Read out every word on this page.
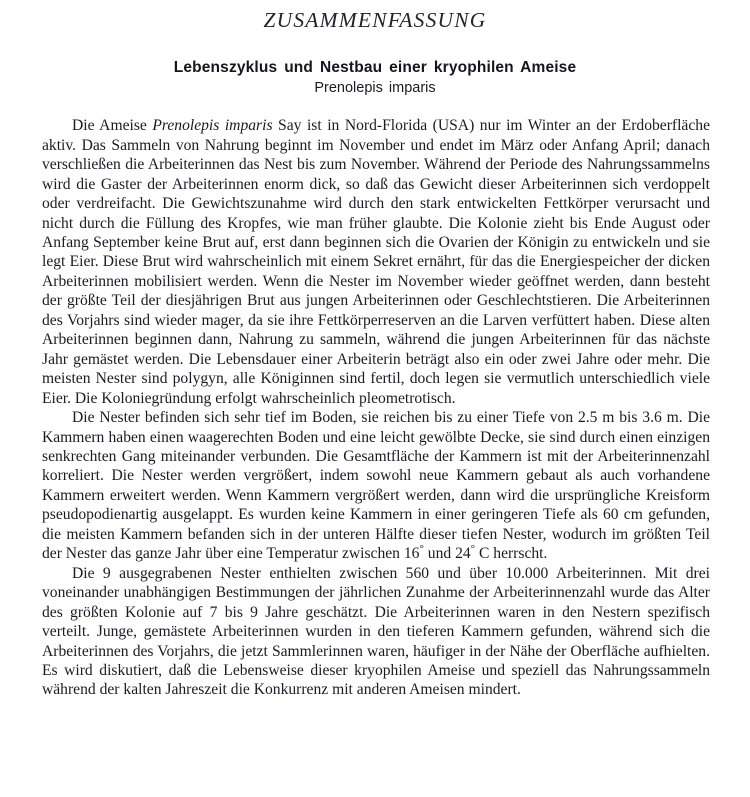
ZUSAMMENFASSUNG
Lebenszyklus und Nestbau einer kryophilen Ameise
Prenolepis imparis

Die Ameise Prenolepis imparis Say ist in Nord-Florida (USA) nur im Winter an der Erdoberfläche aktiv. Das Sammeln von Nahrung beginnt im November und endet im März oder Anfang April; danach verschließen die Arbeiterinnen das Nest bis zum November. Während der Periode des Nahrungssammelns wird die Gaster der Arbeiterinnen enorm dick, so daß das Gewicht dieser Arbeiterinnen sich verdoppelt oder verdreifacht. Die Gewichtszunahme wird durch den stark entwickelten Fettkörper verursacht und nicht durch die Füllung des Kropfes, wie man früher glaubte. Die Kolonie zieht bis Ende August oder Anfang September keine Brut auf, erst dann beginnen sich die Ovarien der Königin zu entwickeln und sie legt Eier. Diese Brut wird wahrscheinlich mit einem Sekret ernährt, für das die Energiespeicher der dicken Arbeiterinnen mobilisiert werden. Wenn die Nester im November wieder geöffnet werden, dann besteht der größte Teil der diesjährigen Brut aus jungen Arbeiterinnen oder Geschlechtstieren. Die Arbeiterinnen des Vorjahrs sind wieder mager, da sie ihre Fettkörperreserven an die Larven verfüttert haben. Diese alten Arbeiterinnen beginnen dann, Nahrung zu sammeln, während die jungen Arbeiterinnen für das nächste Jahr gemästet werden. Die Lebensdauer einer Arbeiterin beträgt also ein oder zwei Jahre oder mehr. Die meisten Nester sind polygyn, alle Königinnen sind fertil, doch legen sie vermutlich unterschiedlich viele Eier. Die Koloniegründung erfolgt wahrscheinlich pleometrotisch.

Die Nester befinden sich sehr tief im Boden, sie reichen bis zu einer Tiefe von 2.5 m bis 3.6 m. Die Kammern haben einen waagerechten Boden und eine leicht gewölbte Decke, sie sind durch einen einzigen senkrechten Gang miteinander verbunden. Die Gesamtfläche der Kammern ist mit der Arbeiterinnenzahl korreliert. Die Nester werden vergrößert, indem sowohl neue Kammern gebaut als auch vorhandene Kammern erweitert werden. Wenn Kammern vergrößert werden, dann wird die ursprüngliche Kreisform pseudopodienartig ausgelappt. Es wurden keine Kammern in einer geringeren Tiefe als 60 cm gefunden, die meisten Kammern befanden sich in der unteren Hälfte dieser tiefen Nester, wodurch im größten Teil der Nester das ganze Jahr über eine Temperatur zwischen 16° und 24° C herrscht.

Die 9 ausgegrabenen Nester enthielten zwischen 560 und über 10.000 Arbeiterinnen. Mit drei voneinander unabhängigen Bestimmungen der jährlichen Zunahme der Arbeiterinnenzahl wurde das Alter des größten Kolonie auf 7 bis 9 Jahre geschätzt. Die Arbeiterinnen waren in den Nestern spezifisch verteilt. Junge, gemästete Arbeiterinnen wurden in den tieferen Kammern gefunden, während sich die Arbeiterinnen des Vorjahrs, die jetzt Sammlerinnen waren, häufiger in der Nähe der Oberfläche aufhielten. Es wird diskutiert, daß die Lebensweise dieser kryophilen Ameise und speziell das Nahrungssammeln während der kalten Jahreszeit die Konkurrenz mit anderen Ameisen mindert.
